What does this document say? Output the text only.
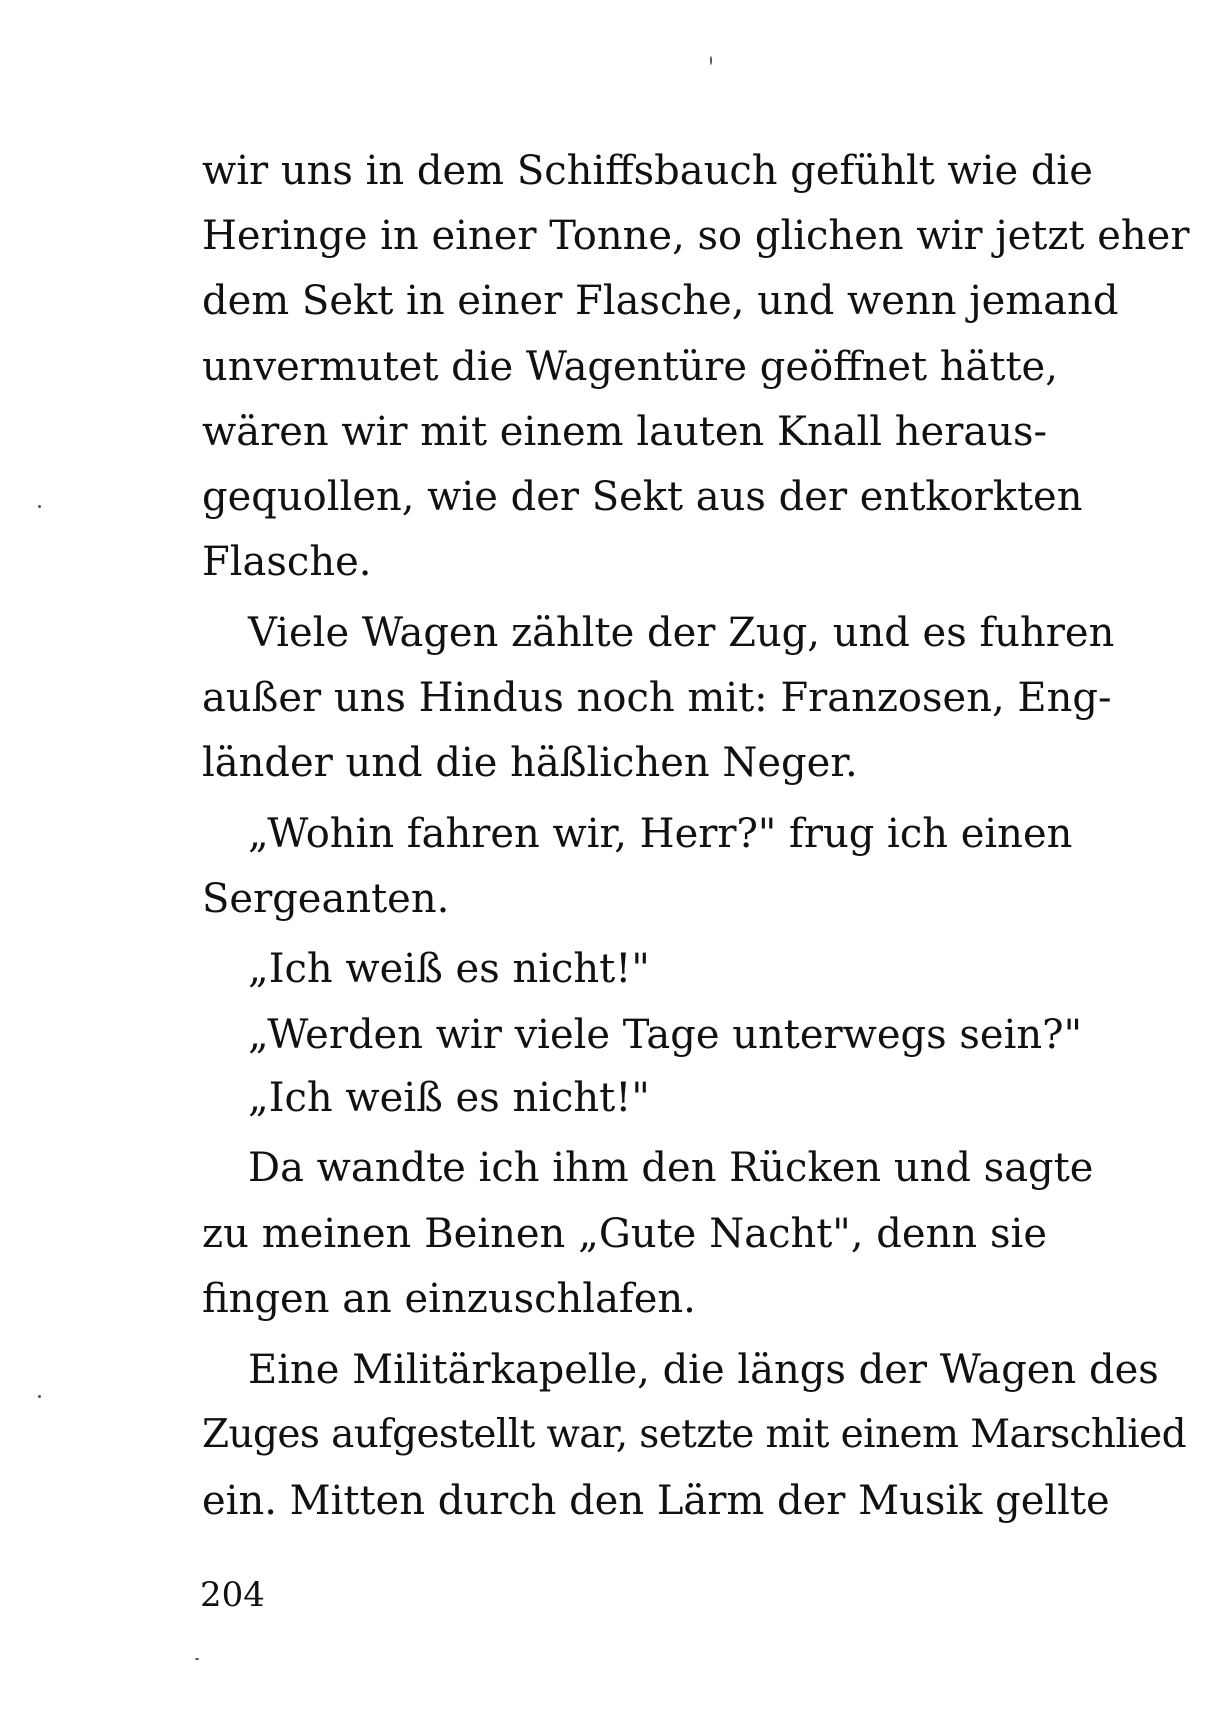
wir uns in dem Schiffsbauch gefühlt wie die
Heringe in einer Tonne, so glichen wir jetzt eher
dem Sekt in einer Flasche, und wenn jemand
unvermutet die Wagentüre geöffnet hätte,
wären wir mit einem lauten Knall heraus-
gequollen, wie der Sekt aus der entkorkten
Flasche.
Viele Wagen zählte der Zug, und es fuhren
außer uns Hindus noch mit: Franzosen, Eng-
länder und die häßlichen Neger.
„Wohin fahren wir, Herr?" frug ich einen
Sergeanten.
„Ich weiß es nicht!"
„Werden wir viele Tage unterwegs sein?"
„Ich weiß es nicht!"
Da wandte ich ihm den Rücken und sagte
zu meinen Beinen „Gute Nacht", denn sie
fingen an einzuschlafen.
Eine Militärkapelle, die längs der Wagen des
Zuges aufgestellt war, setzte mit einem Marschlied
ein. Mitten durch den Lärm der Musik gellte
204
